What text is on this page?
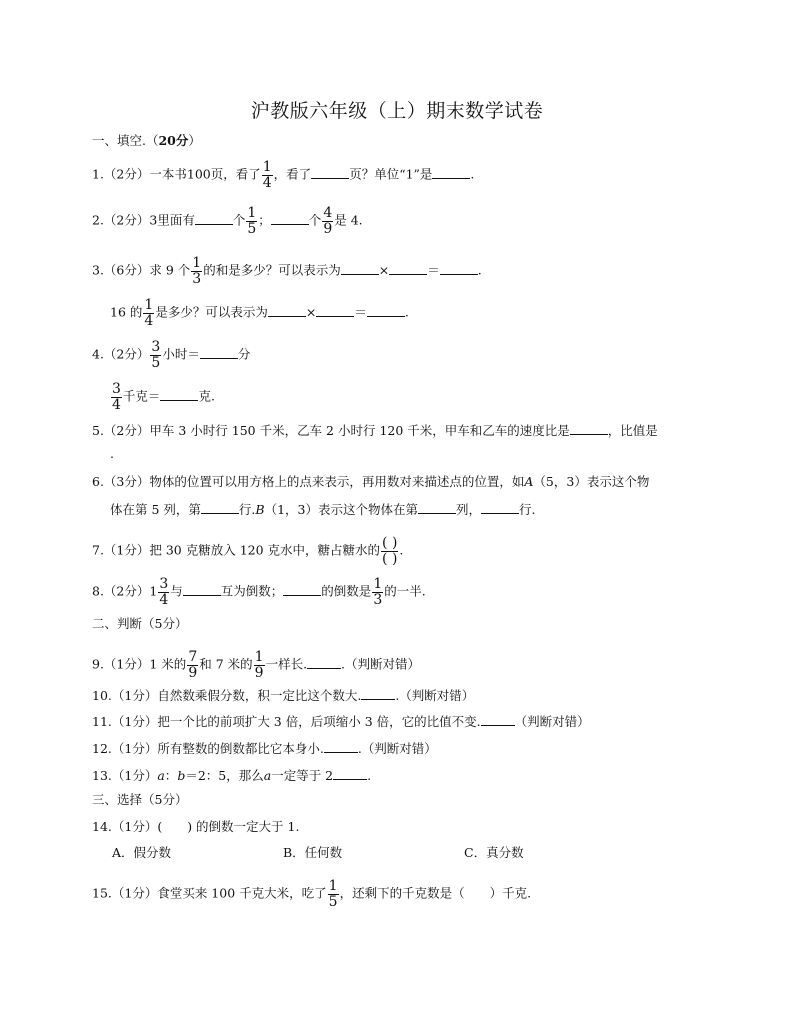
沪教版六年级（上）期末数学试卷
一、填空.（20分）
1.（2分）一本书100页，看了 $\frac{1}{4}$ ，看了	页？单位“1”是	.
2.（2分）3里面有	个 $\frac{1}{5}$ ；	个 $\frac{4}{9}$ 是 4.
3.（6分）求 9 个 $\frac{1}{3}$ 的和是多少？可以表示为	×	＝	.
16 的 $\frac{1}{4}$ 是多少？可以表示为	×	＝	.
4.（2分） $\frac{3}{5}$ 小时＝	分
$\frac{3}{4}$ 千克＝	克.
5.（2分）甲车 3 小时行 150 千米，乙车 2 小时行 120 千米，甲车和乙车的速度比是	，比值是
.
6.（3分）物体的位置可以用方格上的点来表示，再用数对来描述点的位置，如A（5，3）表示这个物
体在第 5 列，第	行.B（1，3）表示这个物体在第	列，	行.
7.（1分）把 30 克糖放入 120 克水中，糖占糖水的 $\frac{( )}{( )}$ .
8.（2分）$1 \frac{3}{4}$ 与	互为倒数；	的倒数是 $\frac{1}{3}$ 的一半.
二、判断（5分）
9.（1分）1 米的 $\frac{7}{9}$ 和 7 米的 $\frac{1}{9}$ 一样长.	.（判断对错）
10.（1分）自然数乘假分数，积一定比这个数大.	.（判断对错）
11.（1分）把一个比的前项扩大 3 倍，后项缩小 3 倍，它的比值不变.	（判断对错）
12.（1分）所有整数的倒数都比它本身小.	.（判断对错）
13.（1分）a：b＝2：5，那么a一定等于 2	.
三、选择（5分）
14.（1分）(　　) 的倒数一定大于 1.
A．假分数	B．任何数	C．真分数
15.（1分）食堂买来 100 千克大米，吃了 $\frac{1}{5}$ ，还剩下的千克数是（　　）千克.
